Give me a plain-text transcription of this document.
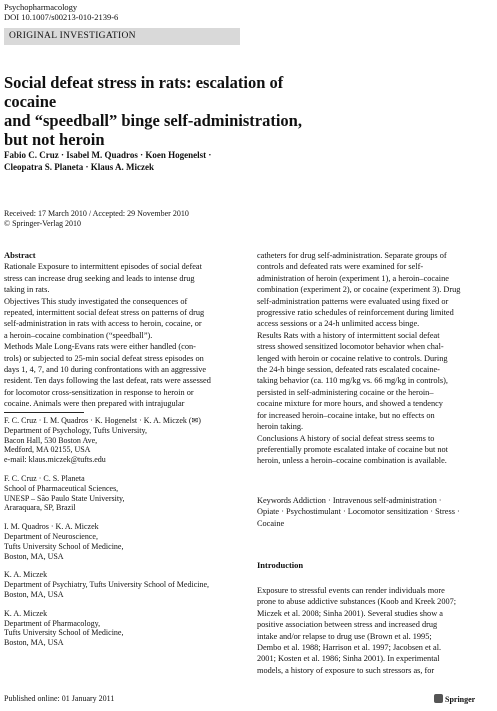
Psychopharmacology
DOI 10.1007/s00213-010-2139-6
ORIGINAL INVESTIGATION
Social defeat stress in rats: escalation of cocaine
and “speedball” binge self-administration,
but not heroin
Fabio C. Cruz · Isabel M. Quadros · Koen Hogenelst ·
Cleopatra S. Planeta · Klaus A. Miczek
Received: 17 March 2010 / Accepted: 29 November 2010
© Springer-Verlag 2010
Abstract
Rationale Exposure to intermittent episodes of social defeat
stress can increase drug seeking and leads to intense drug
taking in rats.
Objectives This study investigated the consequences of
repeated, intermittent social defeat stress on patterns of drug
self-administration in rats with access to heroin, cocaine, or
a heroin–cocaine combination (“speedball”).
Methods Male Long-Evans rats were either handled (con-
trols) or subjected to 25-min social defeat stress episodes on
days 1, 4, 7, and 10 during confrontations with an aggressive
resident. Ten days following the last defeat, rats were assessed
for locomotor cross-sensitization in response to heroin or
cocaine. Animals were then prepared with intrajugular
F. C. Cruz · I. M. Quadros · K. Hogenelst · K. A. Miczek (✉)
Department of Psychology, Tufts University,
Bacon Hall, 530 Boston Ave,
Medford, MA 02155, USA
e-mail: klaus.miczek@tufts.edu
F. C. Cruz · C. S. Planeta
School of Pharmaceutical Sciences,
UNESP – São Paulo State University,
Araraquara, SP, Brazil
I. M. Quadros · K. A. Miczek
Department of Neuroscience,
Tufts University School of Medicine,
Boston, MA, USA
K. A. Miczek
Department of Psychiatry, Tufts University School of Medicine,
Boston, MA, USA
K. A. Miczek
Department of Pharmacology,
Tufts University School of Medicine,
Boston, MA, USA
catheters for drug self-administration. Separate groups of
controls and defeated rats were examined for self-
administration of heroin (experiment 1), a heroin–cocaine
combination (experiment 2), or cocaine (experiment 3). Drug
self-administration patterns were evaluated using fixed or
progressive ratio schedules of reinforcement during limited
access sessions or a 24-h unlimited access binge.
Results Rats with a history of intermittent social defeat
stress showed sensitized locomotor behavior when chal-
lenged with heroin or cocaine relative to controls. During
the 24-h binge session, defeated rats escalated cocaine-
taking behavior (ca. 110 mg/kg vs. 66 mg/kg in controls),
persisted in self-administering cocaine or the heroin–
cocaine mixture for more hours, and showed a tendency
for increased heroin–cocaine intake, but no effects on
heroin taking.
Conclusions A history of social defeat stress seems to
preferentially promote escalated intake of cocaine but not
heroin, unless a heroin–cocaine combination is available.
Keywords Addiction · Intravenous self-administration ·
Opiate · Psychostimulant · Locomotor sensitization · Stress ·
Cocaine
Introduction
Exposure to stressful events can render individuals more
prone to abuse addictive substances (Koob and Kreek 2007;
Miczek et al. 2008; Sinha 2001). Several studies show a
positive association between stress and increased drug
intake and/or relapse to drug use (Brown et al. 1995;
Dembo et al. 1988; Harrison et al. 1997; Jacobsen et al.
2001; Kosten et al. 1986; Sinha 2001). In experimental
models, a history of exposure to such stressors as, for
Published online: 01 January 2011	Springer
